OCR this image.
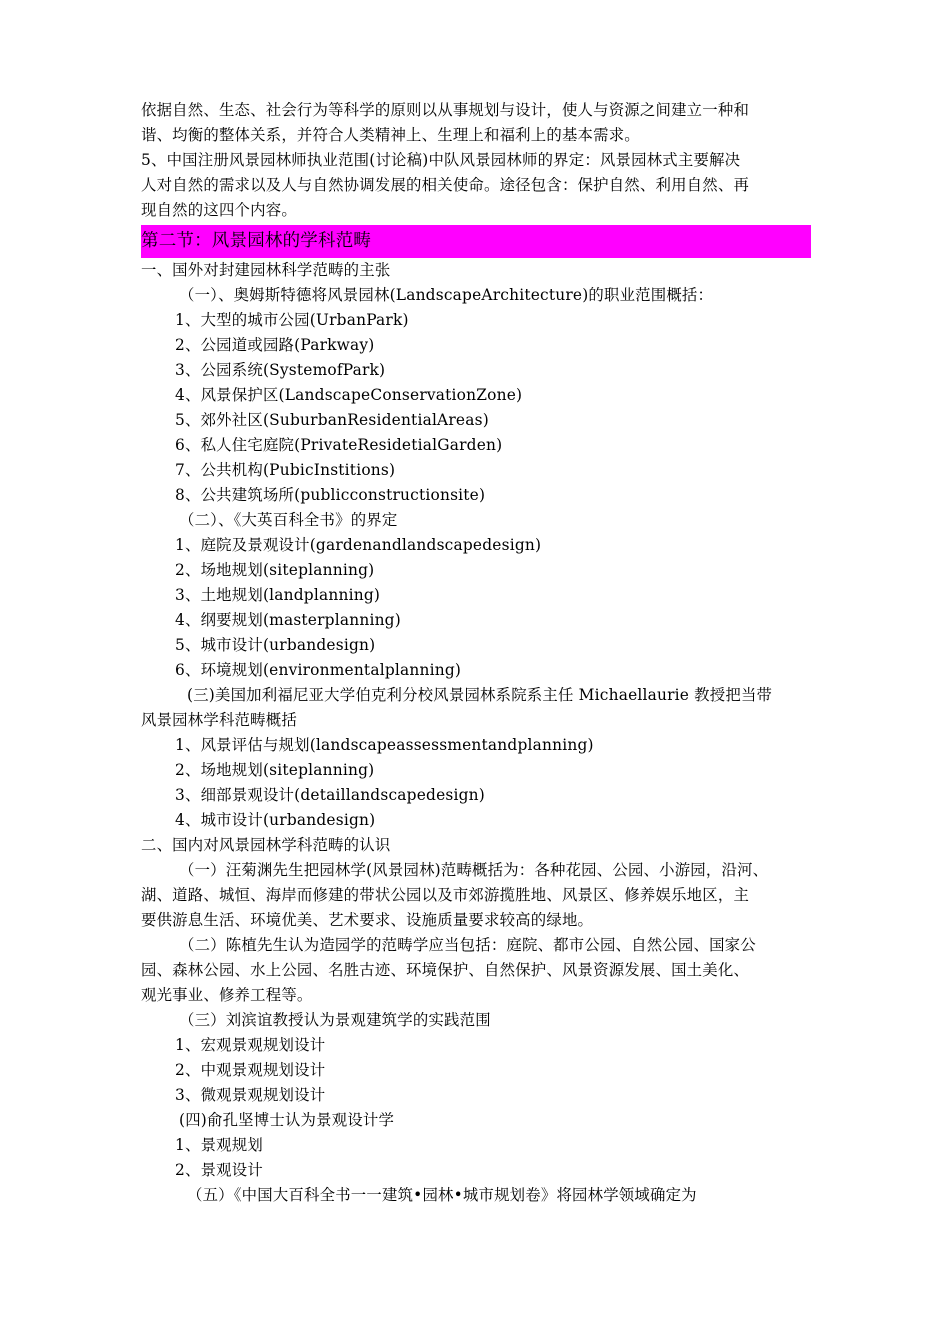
依据自然、生态、社会行为等科学的原则以从事规划与设计，使人与资源之间建立一种和
谐、均衡的整体关系，并符合人类精神上、生理上和福利上的基本需求。
5、中国注册风景园林师执业范围(讨论稿)中队风景园林师的界定：风景园林式主要解决
人对自然的需求以及人与自然协调发展的相关使命。途径包含：保护自然、利用自然、再
现自然的这四个内容。
第二节：风景园林的学科范畴
一、国外对封建园林科学范畴的主张
（一）、奥姆斯特德将风景园林(LandscapeArchitecture)的职业范围概括：
1、大型的城市公园(UrbanPark)
2、公园道或园路(Parkway)
3、公园系统(SystemofPark)
4、风景保护区(LandscapeConservationZone)
5、郊外社区(SuburbanResidentialAreas)
6、私人住宅庭院(PrivateResidetialGarden)
7、公共机构(PubicInstitions)
8、公共建筑场所(publicconstructionsite)
（二）、《大英百科全书》的界定
1、庭院及景观设计(gardenandlandscapedesign)
2、场地规划(siteplanning)
3、土地规划(landplanning)
4、纲要规划(masterplanning)
5、城市设计(urbandesign)
6、环境规划(environmentalplanning)
(三)美国加利福尼亚大学伯克利分校风景园林系院系主任 Michaellaurie 教授把当带
风景园林学科范畴概括
1、风景评估与规划(landscapeassessmentandplanning)
2、场地规划(siteplanning)
3、细部景观设计(detaillandscapedesign)
4、城市设计(urbandesign)
二、国内对风景园林学科范畴的认识
（一）汪菊渊先生把园林学(风景园林)范畴概括为：各种花园、公园、小游园，沿河、
湖、道路、城恒、海岸而修建的带状公园以及市郊游揽胜地、风景区、修养娱乐地区，主
要供游息生活、环境优美、艺术要求、设施质量要求较高的绿地。
（二）陈植先生认为造园学的范畴学应当包括：庭院、都市公园、自然公园、国家公
园、森林公园、水上公园、名胜古迹、环境保护、自然保护、风景资源发展、国土美化、
观光事业、修养工程等。
（三）刘滨谊教授认为景观建筑学的实践范围
1、宏观景观规划设计
2、中观景观规划设计
3、微观景观规划设计
(四)俞孔坚博士认为景观设计学
1、景观规划
2、景观设计
（五）《中国大百科全书一一建筑•园林•城市规划卷》将园林学领域确定为
